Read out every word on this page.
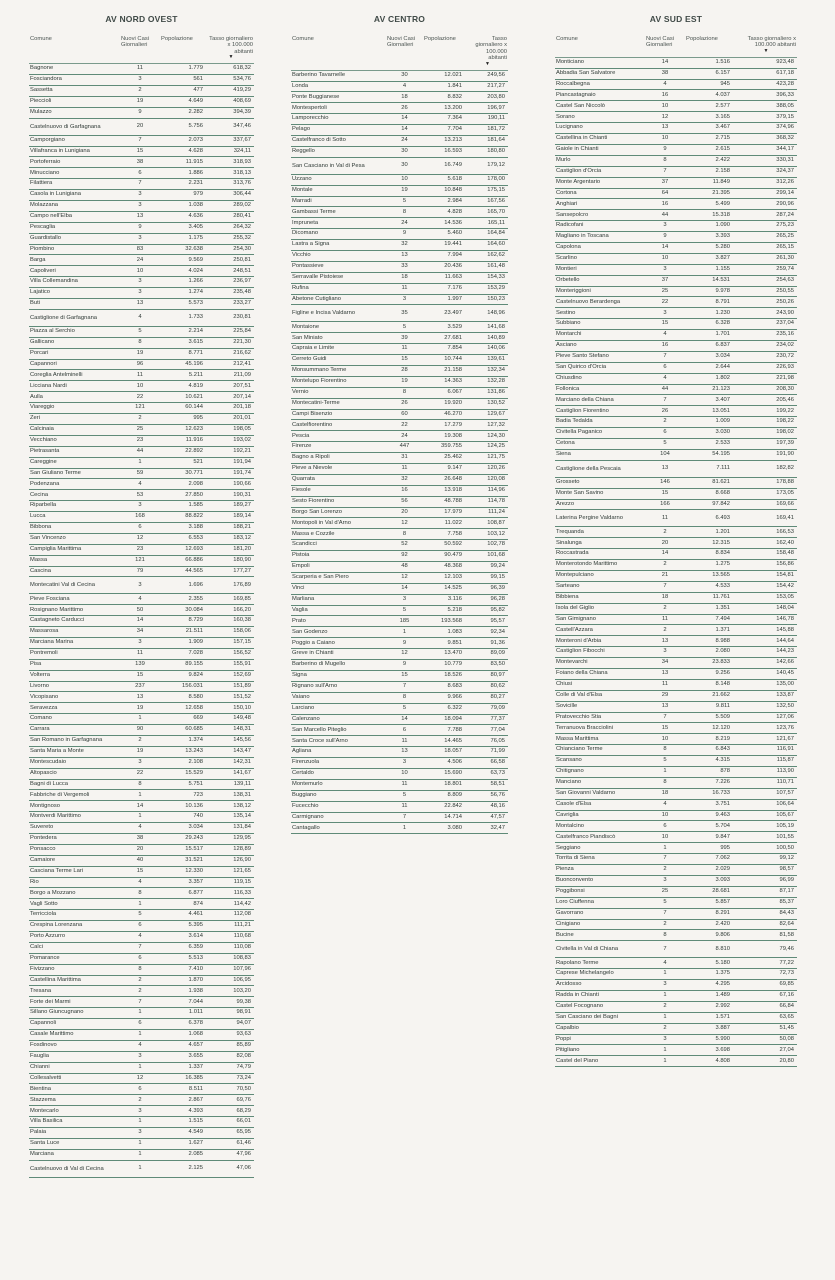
AV NORD OVEST
Comune	Nuovi Casi Giornalieri	Popolazione	Tasso giornaliero x 100.000 abitanti
▼

Bagnone	11	1.779	618,32
Fosciandora	3	561	534,76
Sassetta	2	477	419,29
Pieccioli	19	4.649	408,69
Mulazzo	9	2.282	394,39
Castelnuovo di Garfagnana	20	5.756	347,46
Camporgiano	7	2.073	337,67
Villafranca in Lunigiana	15	4.628	324,11
Portoferraio	38	11.915	318,93
Minucciano	6	1.886	318,13
Filattiera	7	2.231	313,76
Casola in Lunigiana	3	979	306,44
Molazzana	3	1.038	289,02
Campo nell'Elba	13	4.636	280,41
Pescaglia	9	3.405	264,32
Guardistallo	3	1.175	255,32
Piombino	83	32.638	254,30
Barga	24	9.569	250,81
Capoliveri	10	4.024	248,51
Villa Collemandina	3	1.266	236,97
Lajatico	3	1.274	235,48
Buti	13	5.573	233,27
Castiglione di Garfagnana	4	1.733	230,81
Piazza al Serchio	5	2.214	225,84
Gallicano	8	3.615	221,30
Porcari	19	8.771	216,62
Capannori	96	45.196	212,41
Coreglia Antelminelli	11	5.211	211,09
Licciana Nardi	10	4.819	207,51
Aulla	22	10.621	207,14
Viareggio	121	60.144	201,18
Zeri	2	995	201,01
Calcinaia	25	12.623	198,05
Vecchiano	23	11.916	193,02
Pietrasanta	44	22.892	192,21
Careggine	1	521	191,94
San Giuliano Terme	59	30.771	191,74
Podenzana	4	2.098	190,66
Cecina	53	27.850	190,31
Riparbella	3	1.585	189,27
Lucca	168	88.822	189,14
Bibbona	6	3.188	188,21
San Vincenzo	12	6.553	183,12
Campiglia Marittima	23	12.693	181,20
Massa	121	66.886	180,90
Cascina	79	44.565	177,27
Montecatini Val di Cecina	3	1.696	176,89
Pieve Fosciana	4	2.355	169,85
Rosignano Marittimo	50	30.084	166,20
Castagneto Carducci	14	8.729	160,38
Massarosa	34	21.511	158,06
Marciana Marina	3	1.909	157,15
Pontremoli	11	7.028	156,52
Pisa	139	89.155	155,91
Volterra	15	9.824	152,69
Livorno	237	156.031	151,89
Vicopisano	13	8.580	151,52
Seravezza	19	12.658	150,10
Comano	1	669	149,48
Carrara	90	60.685	148,31
San Romano in Garfagnana	2	1.374	145,56
Santa Maria a Monte	19	13.243	143,47
Montescudaio	3	2.108	142,31
Altopascio	22	15.529	141,67
Bagni di Lucca	8	5.751	139,11
Fabbriche di Vergemoli	1	723	138,31
Montignoso	14	10.136	138,12
Montverdi Marittimo	1	740	135,14
Suvereto	4	3.034	131,84
Pontedera	38	29.243	129,95
Ponsacco	20	15.517	128,89
Camaiore	40	31.521	126,90
Casciana Terme Lari	15	12.330	121,65
Rio	4	3.357	119,15
Borgo a Mozzano	8	6.877	116,33
Vagli Sotto	1	874	114,42
Terricciola	5	4.461	112,08
Crespina Lorenzana	6	5.395	111,21
Porto Azzurro	4	3.614	110,68
Calci	7	6.359	110,08
Pomarance	6	5.513	108,83
Fivizzano	8	7.410	107,96
Castellina Marittima	2	1.870	106,95
Tresana	2	1.938	103,20
Forte dei Marmi	7	7.044	99,38
Sillano Giuncugnano	1	1.011	98,91
Capannoli	6	6.378	94,07
Casale Marittimo	1	1.068	93,63
Fosdinovo	4	4.657	85,89
Fauglia	3	3.655	82,08
Chianni	1	1.337	74,79
Collesalvetti	12	16.385	73,24
Bientina	6	8.511	70,50
Stazzema	2	2.867	69,76
Montecarlo	3	4.393	68,29
Villa Basilica	1	1.515	66,01
Palaia	3	4.549	65,95
Santa Luce	1	1.627	61,46
Marciana	1	2.085	47,96
Castelnuovo di Val di Cecina	1	2.125	47,06
AV CENTRO
Comune	Nuovi Casi Giornalieri	Popolazione	Tasso giornaliero x 100.000 abitanti
▼

Barberino Tavarnelle	30	12.021	249,56
Londa	4	1.841	217,27
Ponte Buggianese	18	8.832	203,80
Montespertoli	26	13.200	196,97
Lamporecchio	14	7.364	190,11
Pelago	14	7.704	181,72
Castelfranco di Sotto	24	13.213	181,64
Reggello	30	16.593	180,80
San Casciano in Val di Pesa	30	16.749	179,12
Uzzano	10	5.618	178,00
Montale	19	10.848	175,15
Marradi	5	2.984	167,56
Gambassi Terme	8	4.828	165,70
Impruneta	24	14.536	165,11
Dicomano	9	5.460	164,84
Lastra a Signa	32	19.441	164,60
Vicchio	13	7.994	162,62
Pontassieve	33	20.436	161,48
Serravalle Pistoiese	18	11.663	154,33
Rufina	11	7.176	153,29
Abetone Cutigliano	3	1.997	150,23
Figline e Incisa Valdarno	35	23.497	148,96
Montaione	5	3.529	141,68
San Miniato	39	27.681	140,89
Capraia e Limite	11	7.854	140,06
Cerreto Guidi	15	10.744	139,61
Monsummano Terme	28	21.158	132,34
Montelupo Fiorentino	19	14.363	132,28
Vernio	8	6.067	131,86
Montecatini-Terme	26	19.920	130,52
Campi Bisenzio	60	46.270	129,67
Castelfiorentino	22	17.279	127,32
Pescia	24	19.308	124,30
Firenze	447	359.755	124,25
Bagno a Ripoli	31	25.462	121,75
Pieve a Nievole	11	9.147	120,26
Quarrata	32	26.648	120,08
Fiesole	16	13.918	114,96
Sesto Fiorentino	56	48.788	114,78
Borgo San Lorenzo	20	17.979	111,24
Montopoli in Val d'Arno	12	11.022	108,87
Massa e Cozzile	8	7.758	103,12
Scandicci	52	50.592	102,78
Pistoia	92	90.479	101,68
Empoli	48	48.368	99,24
Scarperia e San Piero	12	12.103	99,15
Vinci	14	14.525	96,39
Marliana	3	3.116	96,28
Vaglia	5	5.218	95,82
Prato	185	193.568	95,57
San Godenzo	1	1.083	92,34
Poggio a Caiano	9	9.851	91,36
Greve in Chianti	12	13.470	89,09
Barberino di Mugello	9	10.779	83,50
Signa	15	18.526	80,97
Rignano sull'Arno	7	8.683	80,62
Vaiano	8	9.966	80,27
Larciano	5	6.322	79,09
Calenzano	14	18.094	77,37
San Marcello Piteglio	6	7.788	77,04
Santa Croce sull'Arno	11	14.465	76,05
Agliana	13	18.057	71,99
Firenzuola	3	4.506	66,58
Certaldo	10	15.690	63,73
Montemurlo	11	18.801	58,51
Buggiano	5	8.809	56,76
Fucecchio	11	22.842	48,16
Carmignano	7	14.714	47,57
Cantagallo	1	3.080	32,47
AV SUD EST
Comune	Nuovi Casi Giornalieri	Popolazione	Tasso giornaliero x 100.000 abitanti
▼

Monticiano	14	1.516	923,48
Abbadia San Salvatore	38	6.157	617,18
Roccalbegna	4	945	423,28
Piancastagnaio	16	4.037	396,33
Castel San Niccolò	10	2.577	388,05
Sorano	12	3.165	379,15
Lucignano	13	3.467	374,96
Castellina in Chianti	10	2.715	368,32
Gaiole in Chianti	9	2.615	344,17
Murlo	8	2.422	330,31
Castiglion d'Orcia	7	2.158	324,37
Monte Argentario	37	11.849	312,26
Cortona	64	21.395	299,14
Anghiari	16	5.499	290,96
Sansepolcro	44	15.318	287,24
Radicofani	3	1.090	275,23
Magliano in Toscana	9	3.393	265,25
Capolona	14	5.280	265,15
Scarlino	10	3.827	261,30
Montieri	3	1.155	259,74
Orbetello	37	14.531	254,63
Monteriggioni	25	9.978	250,55
Castelnuovo Berardenga	22	8.791	250,26
Sestino	3	1.230	243,90
Subbiano	15	6.328	237,04
Montarchi	4	1.701	235,16
Asciano	16	6.837	234,02
Pieve Santo Stefano	7	3.034	230,72
San Quirico d'Orcia	6	2.644	226,93
Chiusdino	4	1.802	221,98
Follonica	44	21.123	208,30
Marciano della Chiana	7	3.407	205,46
Castiglion Fiorentino	26	13.051	199,22
Badia Tedalda	2	1.009	198,22
Civitella Paganico	6	3.030	198,02
Cetona	5	2.533	197,39
Siena	104	54.195	191,90
Castiglione della Pescaia	13	7.111	182,82
Grosseto	146	81.621	178,88
Monte San Savino	15	8.668	173,05
Arezzo	166	97.842	169,66
Laterina Pergine Valdarno	11	6.493	169,41
Trequanda	2	1.201	166,53
Sinalunga	20	12.315	162,40
Roccastrada	14	8.834	158,48
Monterotondo Marittimo	2	1.275	156,86
Montepulciano	21	13.565	154,81
Sarteano	7	4.533	154,42
Bibbiena	18	11.761	153,05
Isola del Giglio	2	1.351	148,04
San Gimignano	11	7.494	146,78
Castell'Azzara	2	1.371	145,88
Monteroni d'Arbia	13	8.988	144,64
Castiglion Fibocchi	3	2.080	144,23
Montevarchi	34	23.833	142,66
Foiano della Chiana	13	9.256	140,45
Chiusi	11	8.148	135,00
Colle di Val d'Elsa	29	21.662	133,87
Sovicille	13	9.811	132,50
Pratovecchio Stia	7	5.509	127,06
Terranuova Bracciolini	15	12.120	123,76
Massa Marittima	10	8.219	121,67
Chianciano Terme	8	6.843	116,91
Scansano	5	4.315	115,87
Chitignano	1	878	113,90
Manciano	8	7.226	110,71
San Giovanni Valdarno	18	16.733	107,57
Casole d'Elsa	4	3.751	106,64
Cavriglia	10	9.463	105,67
Montalcino	6	5.704	105,19
Castelfranco Piandiscò	10	9.847	101,55
Seggiano	1	995	100,50
Torrita di Siena	7	7.062	99,12
Pienza	2	2.029	98,57
Buonconvento	3	3.093	96,99
Poggibonsi	25	28.681	87,17
Loro Ciuffenna	5	5.857	85,37
Gavorrano	7	8.291	84,43
Cinigiano	2	2.420	82,64
Bucine	8	9.806	81,58
Civitella in Val di Chiana	7	8.810	79,46
Rapolano Terme	4	5.180	77,22
Caprese Michelangelo	1	1.375	72,73
Arcidosso	3	4.295	69,85
Radda in Chianti	1	1.489	67,16
Castel Focognano	2	2.992	66,84
San Casciano dei Bagni	1	1.571	63,65
Capalbio	2	3.887	51,45
Poppi	3	5.990	50,08
Pitigliano	1	3.698	27,04
Castel del Piano	1	4.808	20,80
